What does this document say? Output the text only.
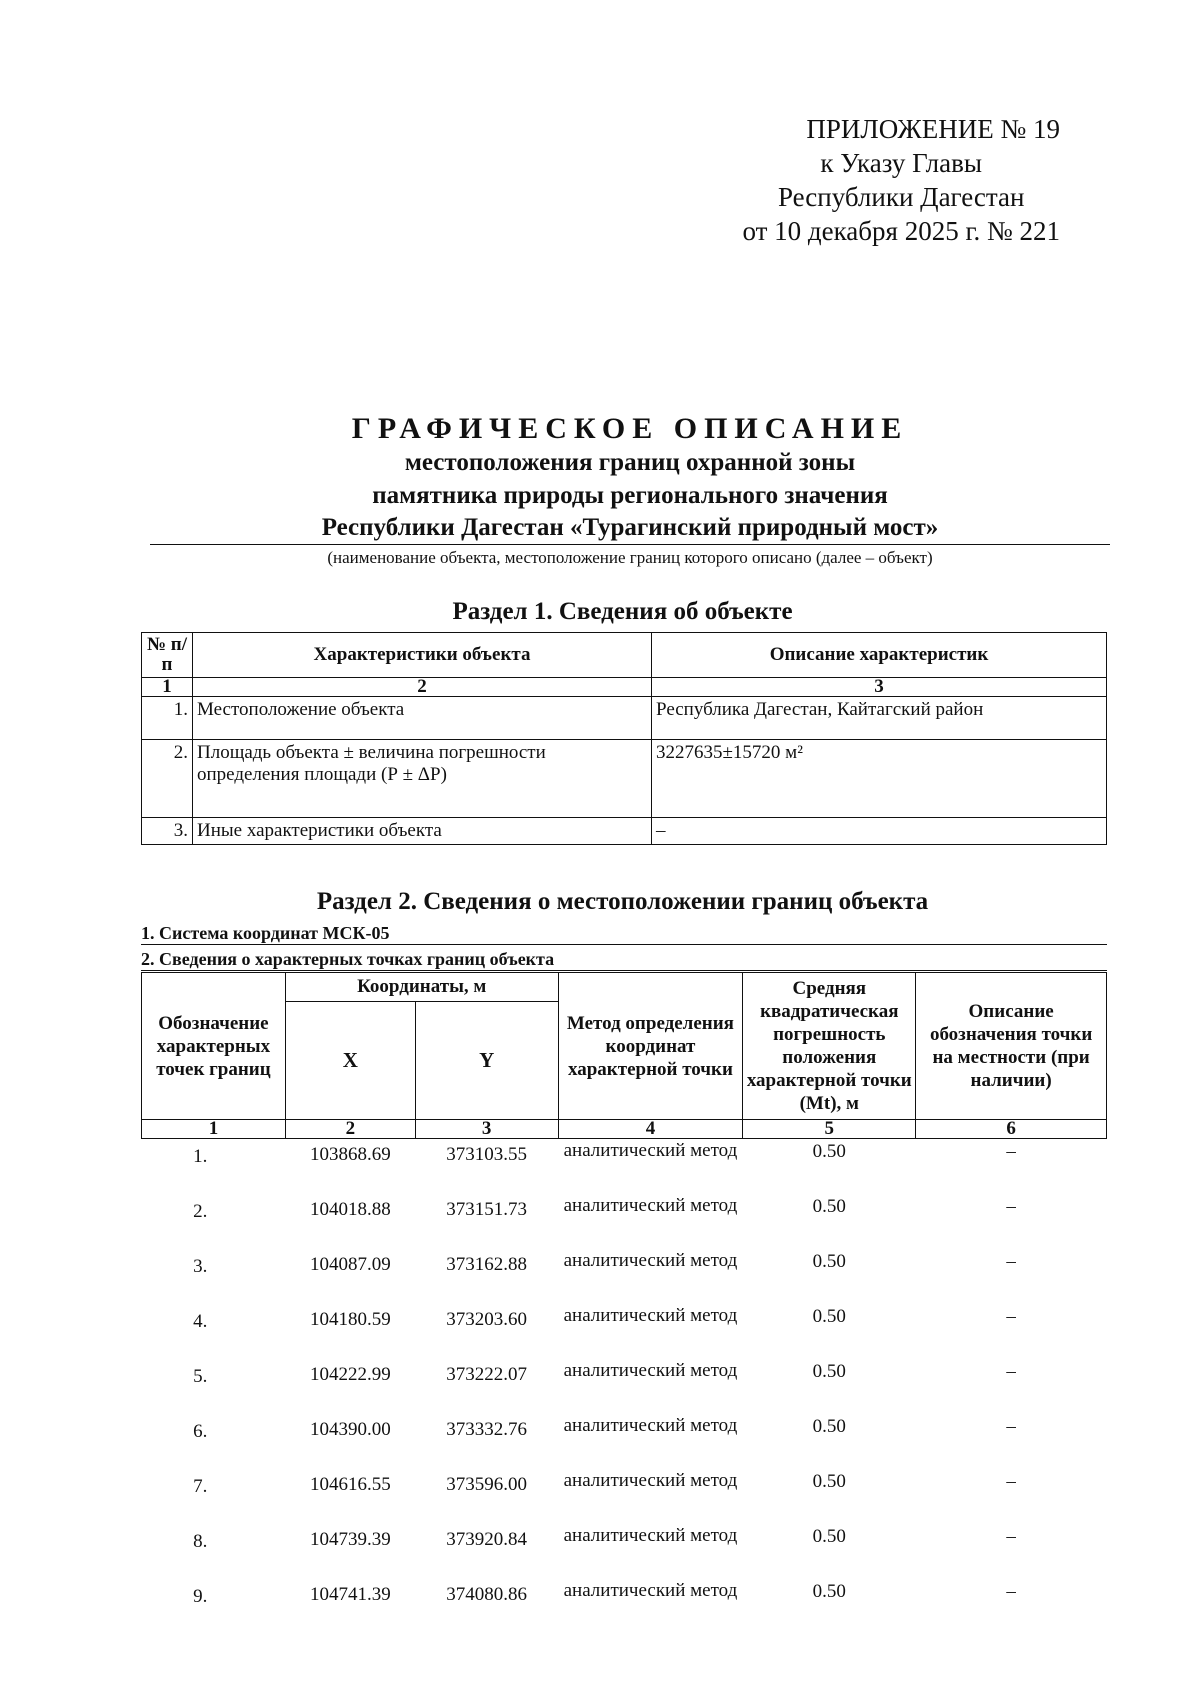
ПРИЛОЖЕНИЕ № 19
к Указу Главы
Республики Дагестан
от 10 декабря 2025 г. № 221
ГРАФИЧЕСКОЕ ОПИСАНИЕ
местоположения границ охранной зоны
памятника природы регионального значения
Республики Дагестан «Турагинский природный мост»
(наименование объекта, местоположение границ которого описано (далее – объект)
Раздел 1. Сведения об объекте
№ п/п	Характеристики объекта	Описание характеристик
1	2	3
1.	Местоположение объекта	Республика Дагестан, Кайтагский район
2.	Площадь объекта ± величина погрешности определения площади (Р ± ΔР)	3227635±15720 м²
3.	Иные характеристики объекта	–
Раздел 2. Сведения о местоположении границ объекта
1. Система координат МСК-05
2. Сведения о характерных точках границ объекта
Обозначение характерных точек границ	Координаты, м		Метод определения координат характерной точки	Средняя квадратическая погрешность положения характерной точки (Mt), м	Описание обозначения точки на местности (при наличии)
	X	Y			
1	2	3	4	5	6
1.	103868.69	373103.55	аналитический метод	0.50	–
2.	104018.88	373151.73	аналитический метод	0.50	–
3.	104087.09	373162.88	аналитический метод	0.50	–
4.	104180.59	373203.60	аналитический метод	0.50	–
5.	104222.99	373222.07	аналитический метод	0.50	–
6.	104390.00	373332.76	аналитический метод	0.50	–
7.	104616.55	373596.00	аналитический метод	0.50	–
8.	104739.39	373920.84	аналитический метод	0.50	–
9.	104741.39	374080.86	аналитический метод	0.50	–
